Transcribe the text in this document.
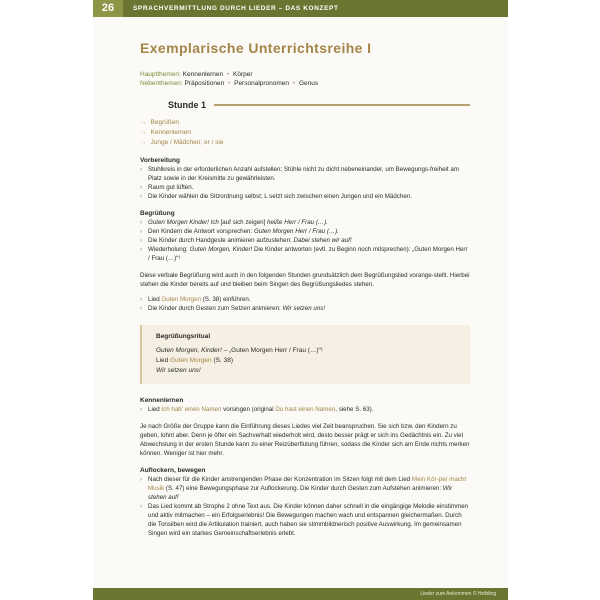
26	SPRACHVERMITTLUNG DURCH LIEDER – DAS KONZEPT
Exemplarische Unterrichtsreihe I
Hauptthemen: Kennenlernen • Körper
Nebenthemen: Präpositionen • Personalpronomen • Genus
Stunde 1
→ Begrüßen
→ Kennenlernen
→ Junge / Mädchen; er / sie
Vorbereitung
› Stuhlkreis in der erforderlichen Anzahl aufstellen; Stühle nicht zu dicht nebeneinander, um Bewegungs-freiheit am Platz sowie in der Kreismitte zu gewährleisten.
› Raum gut lüften.
› Die Kinder wählen die Sitzordnung selbst; L setzt sich zwischen einen Jungen und ein Mädchen.
Begrüßung
› Guten Morgen Kinder! Ich [auf sich zeigen] heiße Herr / Frau (…).
› Den Kindern die Antwort vorsprechen: Guten Morgen Herr / Frau (…).
› Die Kinder durch Handgeste animieren aufzustehen: Dabei stehen wir auf!
› Wiederholung: Guten Morgen, Kinder! Die Kinder antworten (evtl. zu Beginn noch mitsprechen): „Guten Morgen Herr / Frau (…)“¹
Diese verbale Begrüßung wird auch in den folgenden Stunden grundsätzlich dem Begrüßungslied vorange-stellt. Hierbei stehen die Kinder bereits auf und bleiben beim Singen des Begrüßungsliedes stehen.
› Lied Guten Morgen (S. 38) einführen.
› Die Kinder durch Gesten zum Setzen animieren: Wir setzen uns!
Begrüßungsritual
Guten Morgen, Kinder! – „Guten Morgen Herr / Frau (…)“¹
Lied Guten Morgen (S. 38)
Wir setzen uns!
Kennenlernen
› Lied Ich hab’ einen Namen vorsingen (original Du hast einen Namen, siehe S. 63).
Je nach Größe der Gruppe kann die Einführung dieses Liedes viel Zeit beanspruchen. Sie sich bzw. den Kindern zu geben, lohnt aber. Denn je öfter ein Sachverhalt wiederholt wird, desto besser prägt er sich ins Gedächtnis ein. Zu viel Abwechslung in der ersten Stunde kann zu einer Reizüberflutung führen, sodass die Kinder sich am Ende nichts merken können. Weniger ist hier mehr.
Auflockern, bewegen
› Nach dieser für die Kinder anstrengenden Phase der Konzentration im Sitzen folgt mit dem Lied Mein Kör-per macht Musik (S. 47) eine Bewegungsphase zur Auflockerung. Die Kinder durch Gesten zum Aufstehen animieren: Wir stehen auf!
› Das Lied kommt ab Strophe 2 ohne Text aus. Die Kinder können daher schnell in die eingängige Melodie einstimmen und aktiv mitmachen – ein Erfolgserlebnis! Die Bewegungen machen wach und entspannen gleichermaßen. Durch die Tonsilben wird die Artikulation trainiert, auch haben sie stimmbildnerisch positive Auswirkung. Im gemeinsamen Singen wird ein starkes Gemeinschaftserlebnis erlebt.
Lieder zum Ankommen © Helbling
